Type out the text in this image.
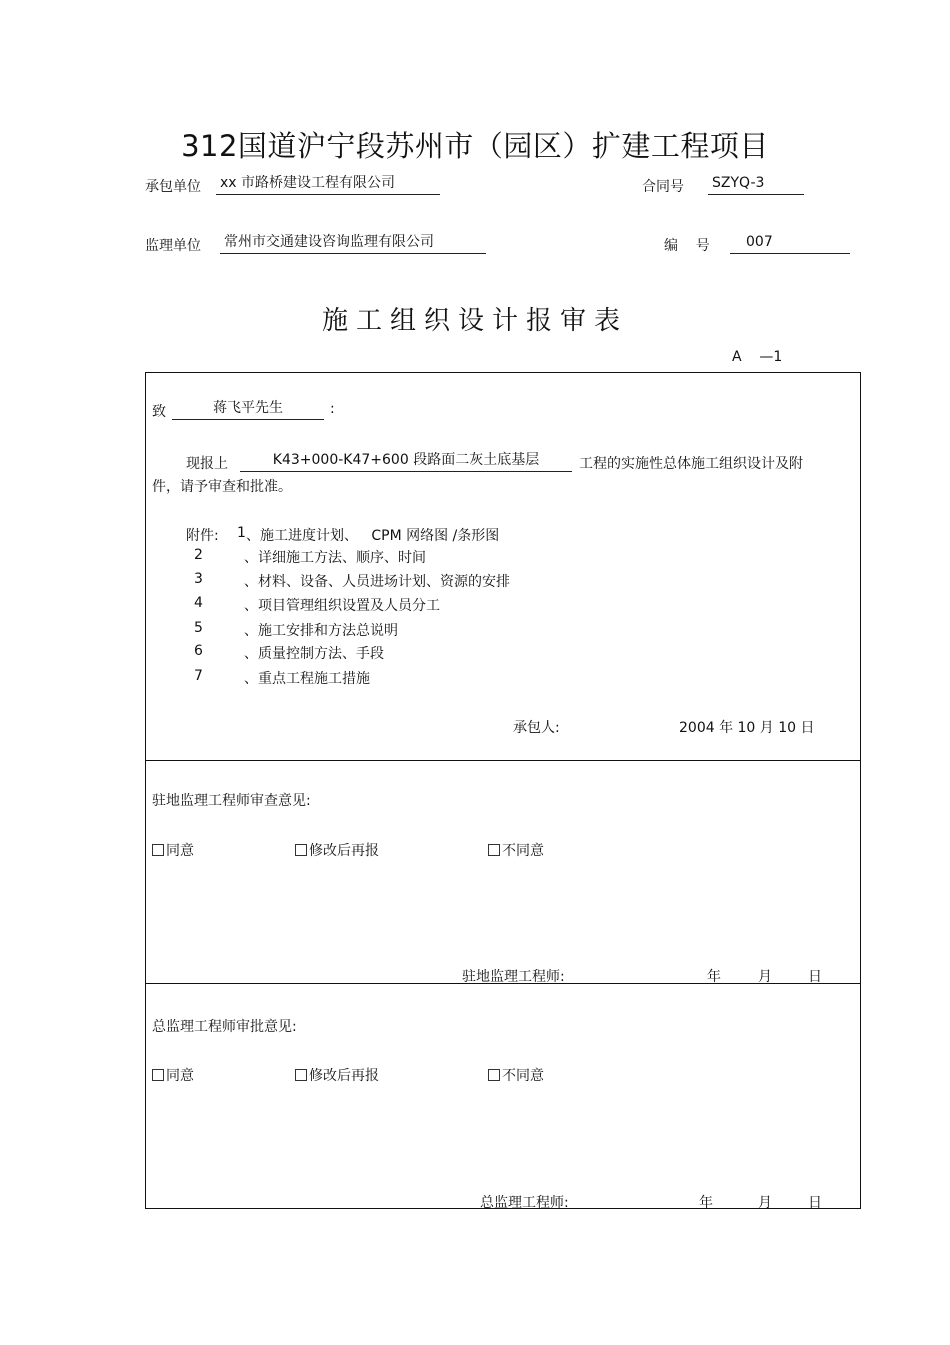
312国道沪宁段苏州市（园区）扩建工程项目
承包单位 xx 市路桥建设工程有限公司	合同号 SZYQ-3
监理单位 常州市交通建设咨询监理有限公司	编    号	007
施工组织设计报审表
A    —1
致	蒋飞平先生	:
现报上	K43+000-K47+600 段路面二灰土底基层	工程的实施性总体施工组织设计及附
件，请予审查和批准。
附件: 1 、施工进度计划、   CPM 网络图 /条形图
2	、详细施工方法、顺序、时间
3	、材料、设备、人员进场计划、资源的安排
4	、项目管理组织设置及人员分工
5	、施工安排和方法总说明
6	、质量控制方法、手段
7	、重点工程施工措施
承包人:	2004 年 10 月 10 日
驻地监理工程师审查意见:
同意	修改后再报	不同意
驻地监理工程师:	年	月	日
总监理工程师审批意见:
同意	修改后再报	不同意
总监理工程师:	年	月	日
